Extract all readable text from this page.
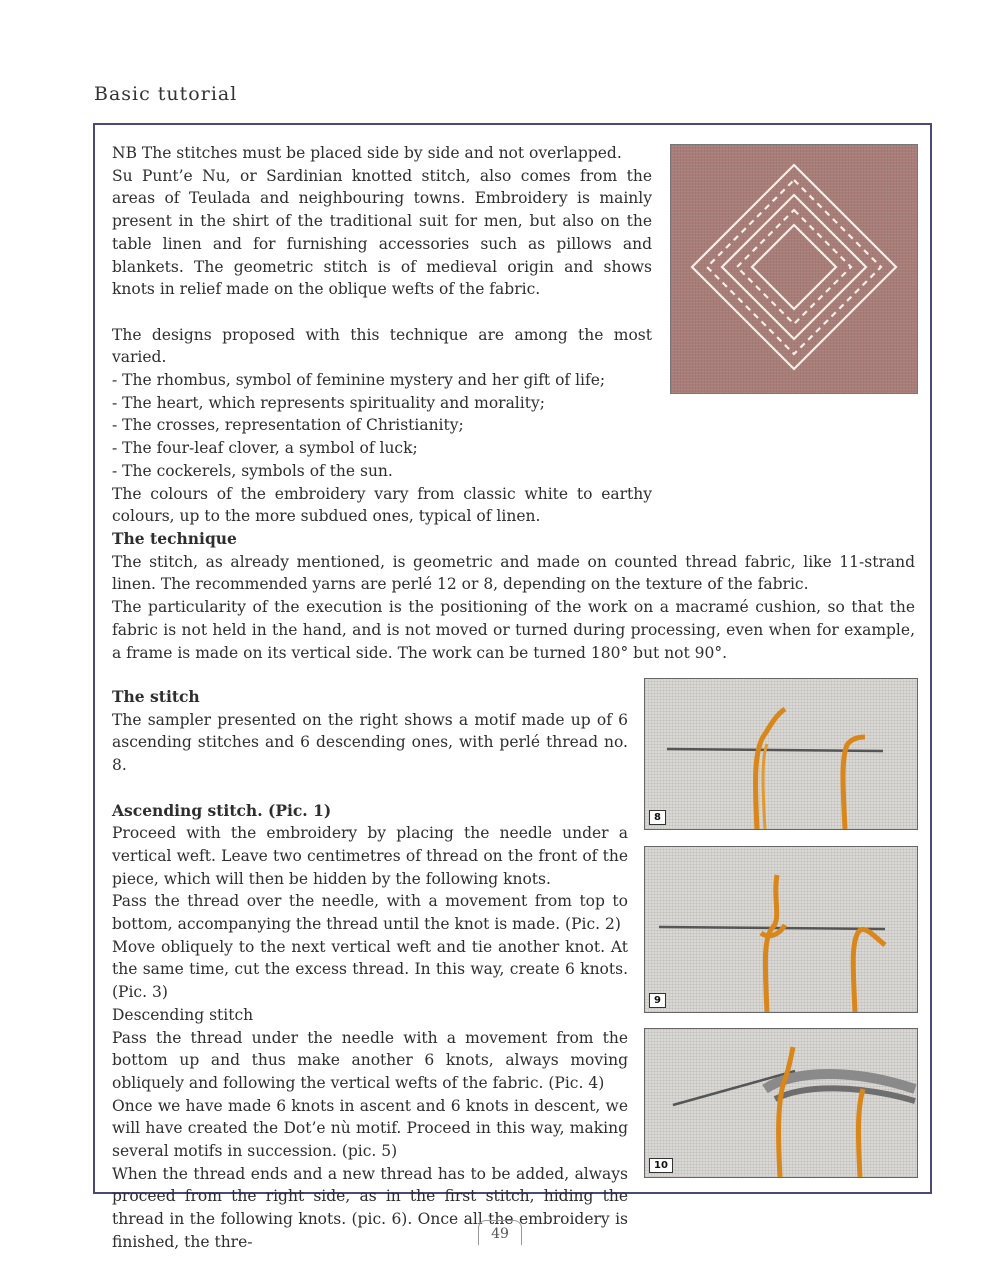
Basic tutorial

NB The stitches must be placed side by side and not overlapped.

Su Punt’e Nu, or Sardinian knotted stitch, also comes from the areas of Teulada and neighbouring towns. Embroidery is mainly present in the shirt of the traditional suit for men, but also on the table linen and for furnishing accessories such as pillows and blankets. The geometric stitch is of medieval origin and shows knots in relief made on the oblique wefts of the fabric.

The designs proposed with this technique are among the most varied.

- The rhombus, symbol of feminine mystery and her gift of life;

- The heart, which represents spirituality and morality;

- The crosses, representation of Christianity;

- The four-leaf clover, a symbol of luck;

- The cockerels, symbols of the sun.

The colours of the embroidery vary from classic white to earthy colours, up to the more subdued ones, typical of linen.

The technique

The stitch, as already mentioned, is geometric and made on counted thread fabric, like 11-strand linen. The recommended yarns are perlé 12 or 8, depending on the texture of the fabric.

The particularity of the execution is the positioning of the work on a macramé cushion, so that the fabric is not held in the hand, and is not moved or turned during processing, even when for example, a frame is made on its vertical side. The work can be turned 180° but not 90°.

The stitch

The sampler presented on the right shows a motif made up of 6 ascending stitches and 6 descending ones, with perlé thread no. 8.

Ascending stitch. (Pic. 1)

Proceed with the embroidery by placing the needle under a vertical weft. Leave two centimetres of thread on the front of the piece, which will then be hidden by the following knots.

Pass the thread over the needle, with a movement from top to bottom, accompanying the thread until the knot is made. (Pic. 2)

Move obliquely to the next vertical weft and tie another knot. At the same time, cut the excess thread. In this way, create 6 knots. (Pic. 3)

Descending stitch

Pass the thread under the needle with a movement from the bottom up and thus make another 6 knots, always moving obliquely and following the vertical wefts of the fabric. (Pic. 4)

Once we have made 6 knots in ascent and 6 knots in descent, we will have created the Dot’e nù motif. Proceed in this way, making several motifs in succession. (pic. 5)

When the thread ends and a new thread has to be added, always proceed from the right side, as in the first stitch, hiding the thread in the following knots. (pic. 6). Once all the embroidery is finished, the thre-

8
9
10
49
